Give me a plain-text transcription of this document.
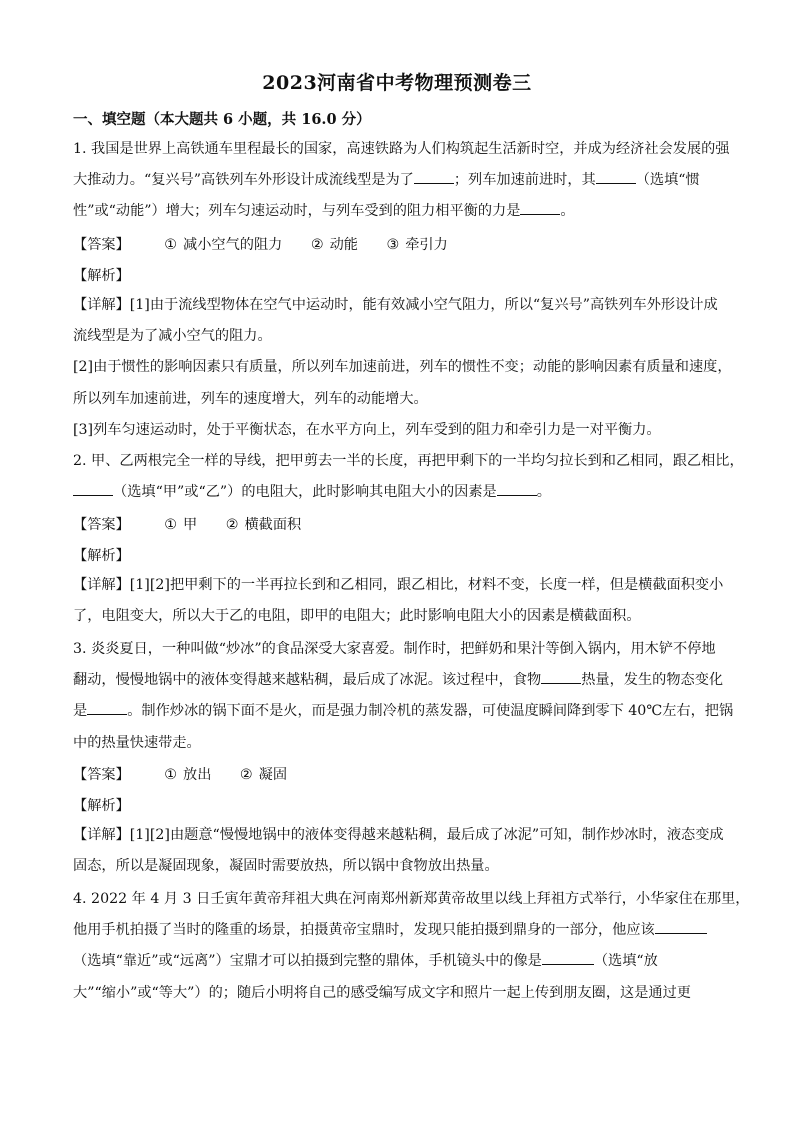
2023河南省中考物理预测卷三
一、填空题（本大题共 6 小题，共 16.0 分）
1. 我国是世界上高铁通车里程最长的国家，高速铁路为人们构筑起生活新时空，并成为经济社会发展的强
大推动力。“复兴号”高铁列车外形设计成流线型是为了	；列车加速前进时，其	（选填“惯
性”或“动能”）增大；列车匀速运动时，与列车受到的阻力相平衡的力是	。
【答案】 ① 减小空气的阻力 ② 动能 ③ 牵引力
【解析】
【详解】[1]由于流线型物体在空气中运动时，能有效减小空气阻力，所以“复兴号”高铁列车外形设计成
流线型是为了减小空气的阻力。
[2]由于惯性的影响因素只有质量，所以列车加速前进，列车的惯性不变；动能的影响因素有质量和速度，
所以列车加速前进，列车的速度增大，列车的动能增大。
[3]列车匀速运动时，处于平衡状态，在水平方向上，列车受到的阻力和牵引力是一对平衡力。
2. 甲、乙两根完全一样的导线，把甲剪去一半的长度，再把甲剩下的一半均匀拉长到和乙相同，跟乙相比，
（选填“甲”或“乙”）的电阻大，此时影响其电阻大小的因素是	。
【答案】 ① 甲 ② 横截面积
【解析】
【详解】[1][2]把甲剩下的一半再拉长到和乙相同，跟乙相比，材料不变，长度一样，但是横截面积变小
了，电阻变大，所以大于乙的电阻，即甲的电阻大；此时影响电阻大小的因素是横截面积。
3. 炎炎夏日，一种叫做“炒冰”的食品深受大家喜爱。制作时，把鲜奶和果汁等倒入锅内，用木铲不停地
翻动，慢慢地锅中的液体变得越来越粘稠，最后成了冰泥。该过程中，食物	热量，发生的物态变化
是	。制作炒冰的锅下面不是火，而是强力制冷机的蒸发器，可使温度瞬间降到零下 40℃左右，把锅
中的热量快速带走。
【答案】 ① 放出 ② 凝固
【解析】
【详解】[1][2]由题意“慢慢地锅中的液体变得越来越粘稠，最后成了冰泥”可知，制作炒冰时，液态变成
固态，所以是凝固现象，凝固时需要放热，所以锅中食物放出热量。
4. 2022 年 4 月 3 日壬寅年黄帝拜祖大典在河南郑州新郑黄帝故里以线上拜祖方式举行，小华家住在那里，
他用手机拍摄了当时的隆重的场景，拍摄黄帝宝鼎时，发现只能拍摄到鼎身的一部分，他应该
（选填“靠近”或“远离”）宝鼎才可以拍摄到完整的鼎体，手机镜头中的像是	（选填“放
大”“缩小”或“等大”）的；随后小明将自己的感受编写成文字和照片一起上传到朋友圈，这是通过更
